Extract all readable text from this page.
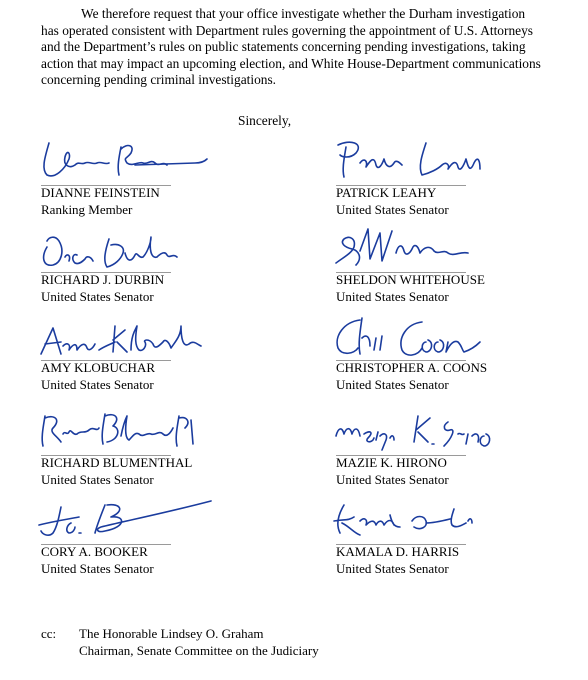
We therefore request that your office investigate whether the Durham investigation has operated consistent with Department rules governing the appointment of U.S. Attorneys and the Department’s rules on public statements concerning pending investigations, taking action that may impact an upcoming election, and White House-Department communications concerning pending criminal investigations.

Sincerely,
DIANNE FEINSTEIN
Ranking Member
PATRICK LEAHY
United States Senator
RICHARD J. DURBIN
United States Senator
SHELDON WHITEHOUSE
United States Senator
AMY KLOBUCHAR
United States Senator
CHRISTOPHER A. COONS
United States Senator
RICHARD BLUMENTHAL
United States Senator
MAZIE K. HIRONO
United States Senator
CORY A. BOOKER
United States Senator
KAMALA D. HARRIS
United States Senator
cc: The Honorable Lindsey O. Graham
Chairman, Senate Committee on the Judiciary
